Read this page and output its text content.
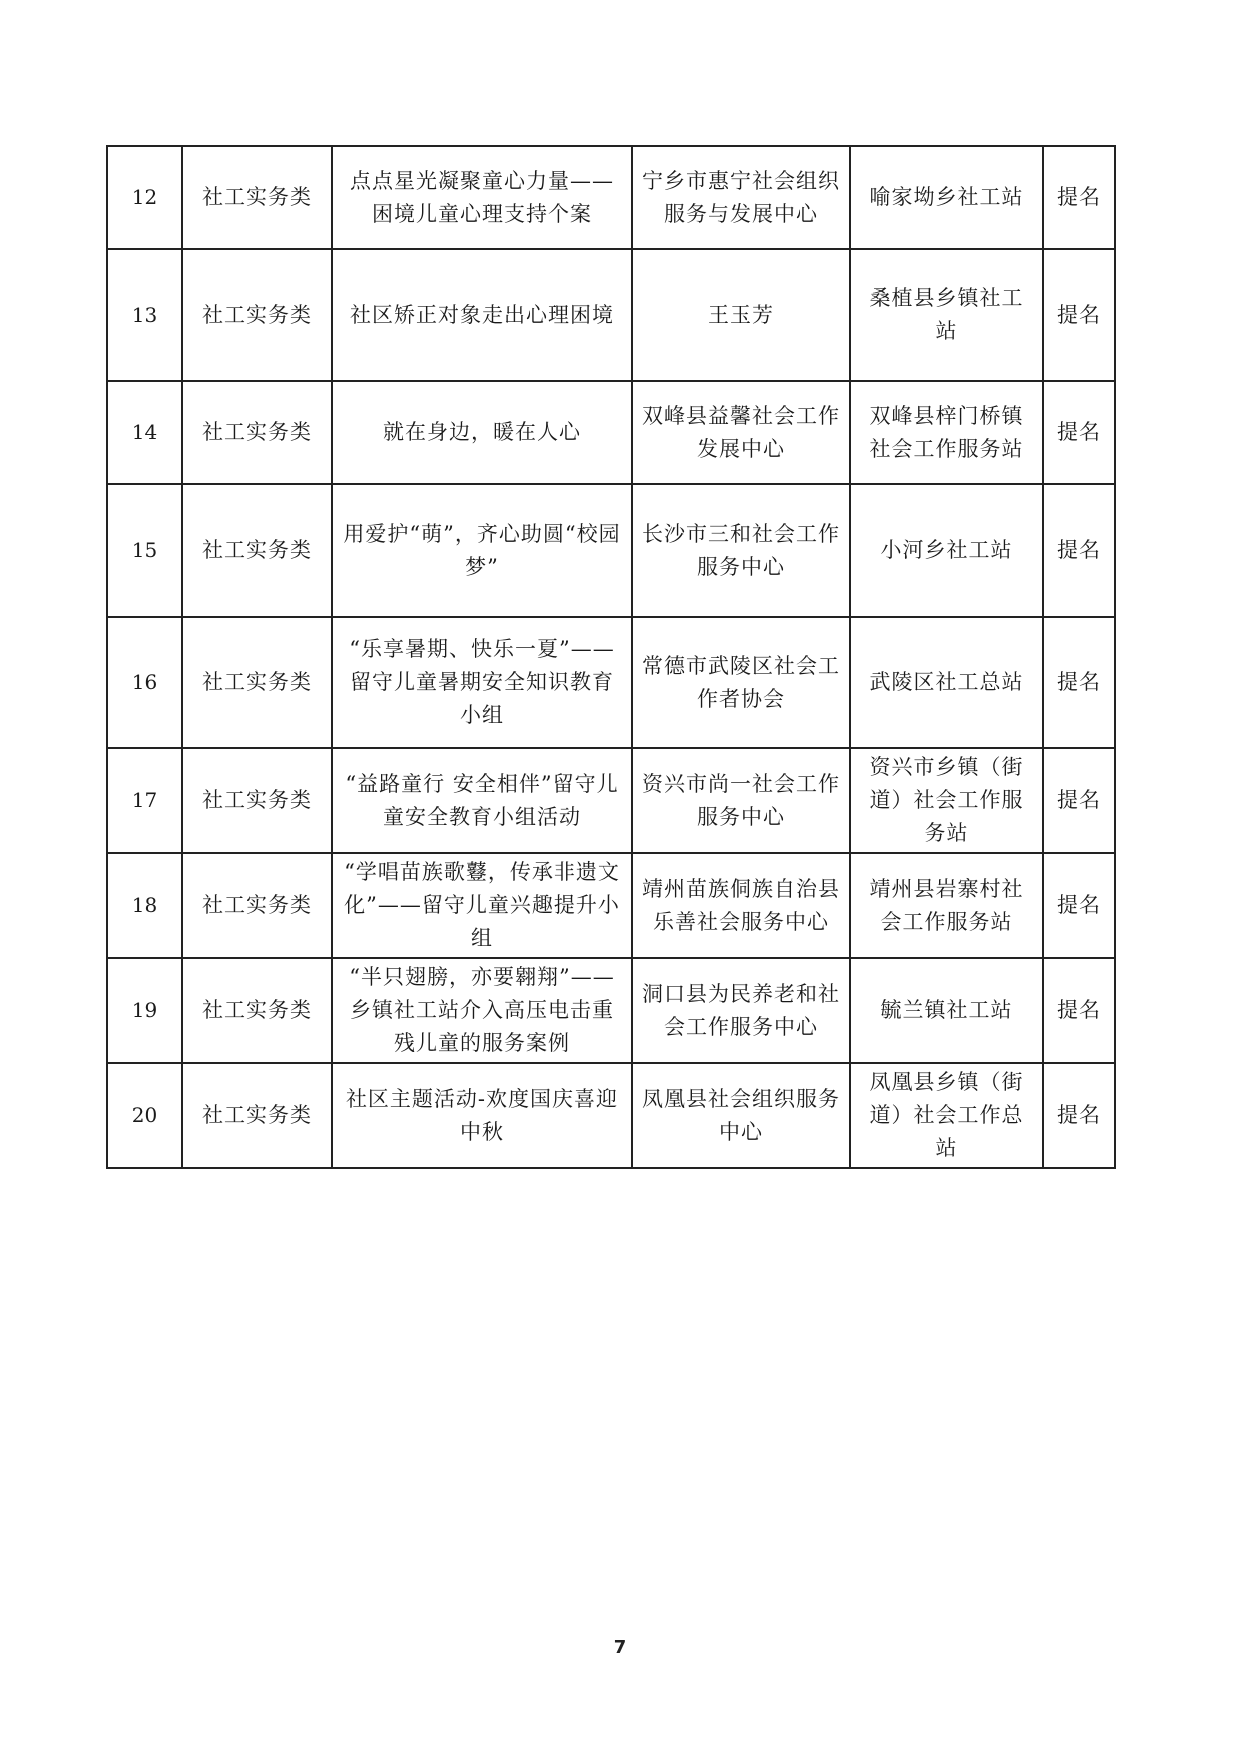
12	社工实务类	点点星光凝聚童心力量——困境儿童心理支持个案	宁乡市惠宁社会组织服务与发展中心	喻家坳乡社工站	提名
13	社工实务类	社区矫正对象走出心理困境	王玉芳	桑植县乡镇社工站	提名
14	社工实务类	就在身边，暖在人心	双峰县益馨社会工作发展中心	双峰县梓门桥镇社会工作服务站	提名
15	社工实务类	用爱护“萌”，齐心助圆“校园梦”	长沙市三和社会工作服务中心	小河乡社工站	提名
16	社工实务类	“乐享暑期、快乐一夏”——留守儿童暑期安全知识教育小组	常德市武陵区社会工作者协会	武陵区社工总站	提名
17	社工实务类	“益路童行 安全相伴”留守儿童安全教育小组活动	资兴市尚一社会工作服务中心	资兴市乡镇（街道）社会工作服务站	提名
18	社工实务类	“学唱苗族歌鼟，传承非遗文化”——留守儿童兴趣提升小组	靖州苗族侗族自治县乐善社会服务中心	靖州县岩寨村社会工作服务站	提名
19	社工实务类	“半只翅膀，亦要翱翔”——乡镇社工站介入高压电击重残儿童的服务案例	洞口县为民养老和社会工作服务中心	毓兰镇社工站	提名
20	社工实务类	社区主题活动-欢度国庆喜迎中秋	凤凰县社会组织服务中心	凤凰县乡镇（街道）社会工作总站	提名
7
